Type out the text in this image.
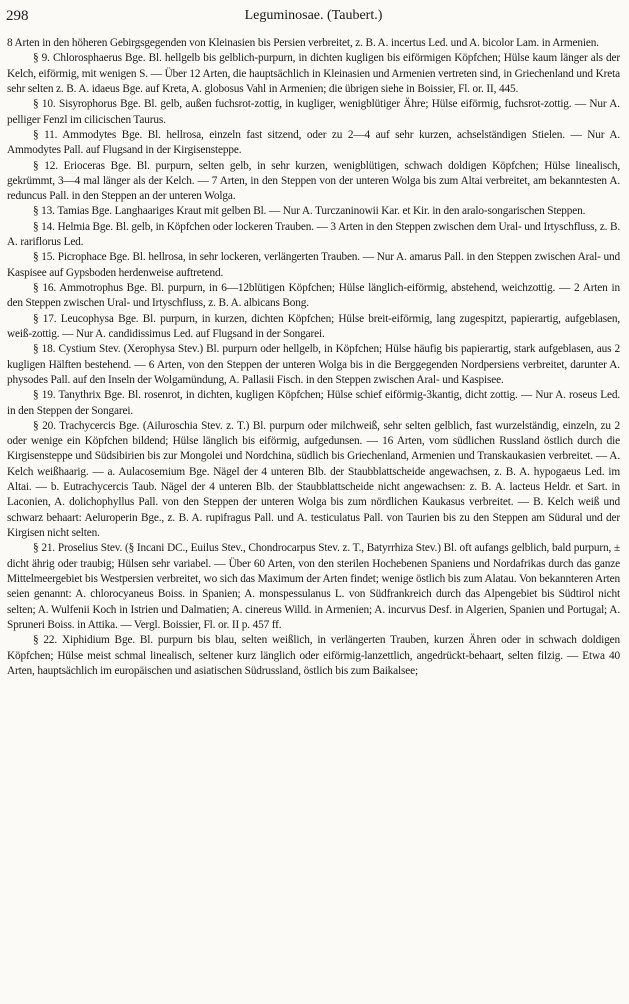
298	Leguminosae. (Taubert.)

8 Arten in den höheren Gebirgsgegenden von Kleinasien bis Persien verbreitet, z. B. A. incertus Led. und A. bicolor Lam. in Armenien.

§ 9. Chlorosphaerus Bge. Bl. hellgelb bis gelblich-purpurn, in dichten kugligen bis eiförmigen Köpfchen; Hülse kaum länger als der Kelch, eiförmig, mit wenigen S. — Über 12 Arten, die hauptsächlich in Kleinasien und Armenien vertreten sind, in Griechenland und Kreta sehr selten z. B. A. idaeus Bge. auf Kreta, A. globosus Vahl in Armenien; die übrigen siehe in Boissier, Fl. or. II, 445.

§ 10. Sisyrophorus Bge. Bl. gelb, außen fuchsrot-zottig, in kugliger, wenigblütiger Ähre; Hülse eiförmig, fuchsrot-zottig. — Nur A. pelliger Fenzl im cilicischen Taurus.

§ 11. Ammodytes Bge. Bl. hellrosa, einzeln fast sitzend, oder zu 2—4 auf sehr kurzen, achselständigen Stielen. — Nur A. Ammodytes Pall. auf Flugsand in der Kirgisensteppe.

§ 12. Erioceras Bge. Bl. purpurn, selten gelb, in sehr kurzen, wenigblütigen, schwach doldigen Köpfchen; Hülse linealisch, gekrümmt, 3—4 mal länger als der Kelch. — 7 Arten, in den Steppen von der unteren Wolga bis zum Altai verbreitet, am bekanntesten A. reduncus Pall. in den Steppen an der unteren Wolga.

§ 13. Tamias Bge. Langhaariges Kraut mit gelben Bl. — Nur A. Turczaninowii Kar. et Kir. in den aralo-songarischen Steppen.

§ 14. Helmia Bge. Bl. gelb, in Köpfchen oder lockeren Trauben. — 3 Arten in den Steppen zwischen dem Ural- und Irtyschfluss, z. B. A. rariflorus Led.

§ 15. Picrophace Bge. Bl. hellrosa, in sehr lockeren, verlängerten Trauben. — Nur A. amarus Pall. in den Steppen zwischen Aral- und Kaspisee auf Gypsboden herdenweise auftretend.

§ 16. Ammotrophus Bge. Bl. purpurn, in 6—12blütigen Köpfchen; Hülse länglich-eiförmig, abstehend, weichzottig. — 2 Arten in den Steppen zwischen Ural- und Irtyschfluss, z. B. A. albicans Bong.

§ 17. Leucophysa Bge. Bl. purpurn, in kurzen, dichten Köpfchen; Hülse breit-eiförmig, lang zugespitzt, papierartig, aufgeblasen, weiß-zottig. — Nur A. candidissimus Led. auf Flugsand in der Songarei.

§ 18. Cystium Stev. (Xerophysa Stev.) Bl. purpurn oder hellgelb, in Köpfchen; Hülse häufig bis papierartig, stark aufgeblasen, aus 2 kugligen Hälften bestehend. — 6 Arten, von den Steppen der unteren Wolga bis in die Berggegenden Nordpersiens verbreitet, darunter A. physodes Pall. auf den Inseln der Wolgamündung, A. Pallasii Fisch. in den Steppen zwischen Aral- und Kaspisee.

§ 19. Tanythrix Bge. Bl. rosenrot, in dichten, kugligen Köpfchen; Hülse schief eiförmig-3kantig, dicht zottig. — Nur A. roseus Led. in den Steppen der Songarei.

§ 20. Trachycercis Bge. (Ailuroschia Stev. z. T.) Bl. purpurn oder milchweiß, sehr selten gelblich, fast wurzelständig, einzeln, zu 2 oder wenige ein Köpfchen bildend; Hülse länglich bis eiförmig, aufgedunsen. — 16 Arten, vom südlichen Russland östlich durch die Kirgisensteppe und Südsibirien bis zur Mongolei und Nordchina, südlich bis Griechenland, Armenien und Transkaukasien verbreitet. — A. Kelch weißhaarig. — a. Aulacosemium Bge. Nägel der 4 unteren Blb. der Staubblattscheide angewachsen, z. B. A. hypogaeus Led. im Altai. — b. Eutrachycercis Taub. Nägel der 4 unteren Blb. der Staubblattscheide nicht angewachsen: z. B. A. lacteus Heldr. et Sart. in Laconien, A. dolichophyllus Pall. von den Steppen der unteren Wolga bis zum nördlichen Kaukasus verbreitet. — B. Kelch weiß und schwarz behaart: Aeluroperin Bge., z. B. A. rupifragus Pall. und A. testiculatus Pall. von Taurien bis zu den Steppen am Südural und der Kirgisen nicht selten.

§ 21. Proselius Stev. (§ Incani DC., Euilus Stev., Chondrocarpus Stev. z. T., Batyrrhiza Stev.) Bl. oft aufangs gelblich, bald purpurn, ± dicht ährig oder traubig; Hülsen sehr variabel. — Über 60 Arten, von den sterilen Hochebenen Spaniens und Nordafrikas durch das ganze Mittelmeergebiet bis Westpersien verbreitet, wo sich das Maximum der Arten findet; wenige östlich bis zum Alatau. Von bekannteren Arten seien genannt: A. chlorocyaneus Boiss. in Spanien; A. monspessulanus L. von Südfrankreich durch das Alpengebiet bis Südtirol nicht selten; A. Wulfenii Koch in Istrien und Dalmatien; A. cinereus Willd. in Armenien; A. incurvus Desf. in Algerien, Spanien und Portugal; A. Spruneri Boiss. in Attika. — Vergl. Boissier, Fl. or. II p. 457 ff.

§ 22. Xiphidium Bge. Bl. purpurn bis blau, selten weißlich, in verlängerten Trauben, kurzen Ähren oder in schwach doldigen Köpfchen; Hülse meist schmal linealisch, seltener kurz länglich oder eiförmig-lanzettlich, angedrückt-behaart, selten filzig. — Etwa 40 Arten, hauptsächlich im europäischen und asiatischen Südrussland, östlich bis zum Baikalsee;
